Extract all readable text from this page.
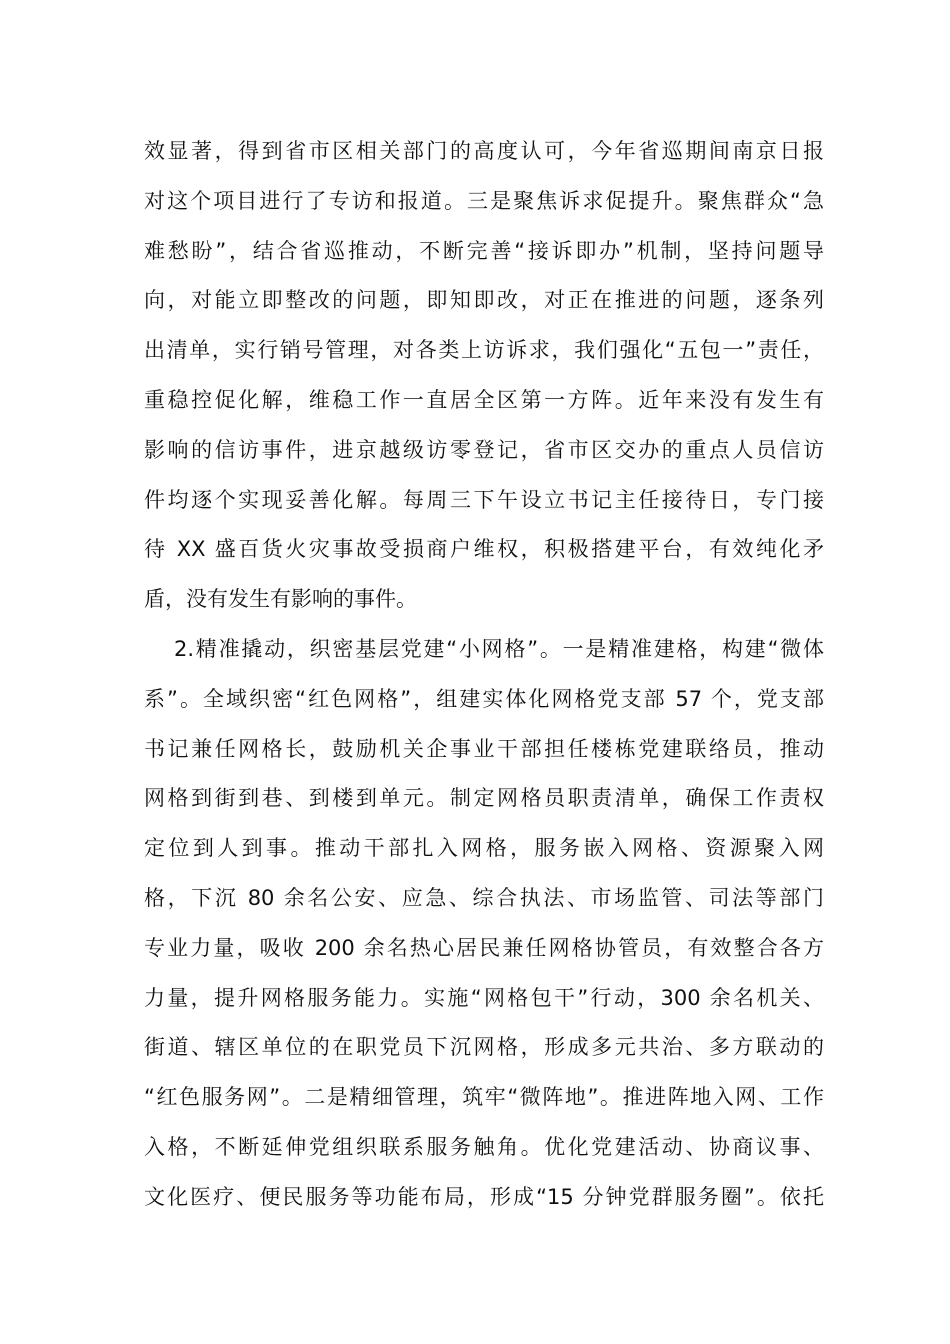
效显著，得到省市区相关部门的高度认可，今年省巡期间南京日报
对这个项目进行了专访和报道。三是聚焦诉求促提升。聚焦群众“急
难愁盼”，结合省巡推动，不断完善“接诉即办”机制，坚持问题导
向，对能立即整改的问题，即知即改，对正在推进的问题，逐条列
出清单，实行销号管理，对各类上访诉求，我们强化“五包一”责任，
重稳控促化解，维稳工作一直居全区第一方阵。近年来没有发生有
影响的信访事件，进京越级访零登记，省市区交办的重点人员信访
件均逐个实现妥善化解。每周三下午设立书记主任接待日，专门接
待 XX 盛百货火灾事故受损商户维权，积极搭建平台，有效纯化矛
盾，没有发生有影响的事件。
2.精准撬动，织密基层党建“小网格”。一是精准建格，构建“微体
系”。全域织密“红色网格”，组建实体化网格党支部 57 个，党支部
书记兼任网格长，鼓励机关企事业干部担任楼栋党建联络员，推动
网格到街到巷、到楼到单元。制定网格员职责清单，确保工作责权
定位到人到事。推动干部扎入网格，服务嵌入网格、资源聚入网
格，下沉 80 余名公安、应急、综合执法、市场监管、司法等部门
专业力量，吸收 200 余名热心居民兼任网格协管员，有效整合各方
力量，提升网格服务能力。实施“网格包干”行动，300 余名机关、
街道、辖区单位的在职党员下沉网格，形成多元共治、多方联动的
“红色服务网”。二是精细管理，筑牢“微阵地”。推进阵地入网、工作
入格，不断延伸党组织联系服务触角。优化党建活动、协商议事、
文化医疗、便民服务等功能布局，形成“15 分钟党群服务圈”。依托
